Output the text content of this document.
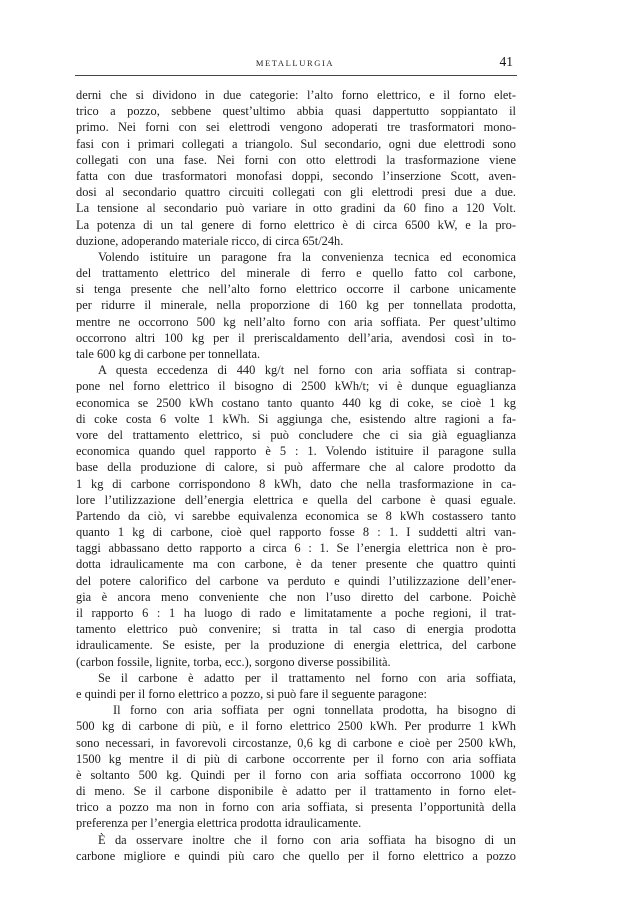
METALLURGIA	41
derni che si dividono in due categorie: l’alto forno elettrico, e il forno elet-
trico a pozzo, sebbene quest’ultimo abbia quasi dappertutto soppiantato il
primo. Nei forni con sei elettrodi vengono adoperati tre trasformatori mono-
fasi con i primari collegati a triangolo. Sul secondario, ogni due elettrodi sono
collegati con una fase. Nei forni con otto elettrodi la trasformazione viene
fatta con due trasformatori monofasi doppi, secondo l’inserzione Scott, aven-
dosi al secondario quattro circuiti collegati con gli elettrodi presi due a due.
La tensione al secondario può variare in otto gradini da 60 fino a 120 Volt.
La potenza di un tal genere di forno elettrico è di circa 6500 kW, e la pro-
duzione, adoperando materiale ricco, di circa 65t/24h.
Volendo istituire un paragone fra la convenienza tecnica ed economica
del trattamento elettrico del minerale di ferro e quello fatto col carbone,
si tenga presente che nell’alto forno elettrico occorre il carbone unicamente
per ridurre il minerale, nella proporzione di 160 kg per tonnellata prodotta,
mentre ne occorrono 500 kg nell’alto forno con aria soffiata. Per quest’ultimo
occorrono altri 100 kg per il preriscaldamento dell’aria, avendosi così in to-
tale 600 kg di carbone per tonnellata.
A questa eccedenza di 440 kg/t nel forno con aria soffiata si contrap-
pone nel forno elettrico il bisogno di 2500 kWh/t; vi è dunque eguaglianza
economica se 2500 kWh costano tanto quanto 440 kg di coke, se cioè 1 kg
di coke costa 6 volte 1 kWh. Si aggiunga che, esistendo altre ragioni a fa-
vore del trattamento elettrico, si può concludere che ci sia già eguaglianza
economica quando quel rapporto è 5 : 1. Volendo istituire il paragone sulla
base della produzione di calore, si può affermare che al calore prodotto da
1 kg di carbone corrispondono 8 kWh, dato che nella trasformazione in ca-
lore l’utilizzazione dell’energia elettrica e quella del carbone è quasi eguale.
Partendo da ciò, vi sarebbe equivalenza economica se 8 kWh costassero tanto
quanto 1 kg di carbone, cioè quel rapporto fosse 8 : 1. I suddetti altri van-
taggi abbassano detto rapporto a circa 6 : 1. Se l’energia elettrica non è pro-
dotta idraulicamente ma con carbone, è da tener presente che quattro quinti
del potere calorifico del carbone va perduto e quindi l’utilizzazione dell’ener-
gia è ancora meno conveniente che non l’uso diretto del carbone. Poichè
il rapporto 6 : 1 ha luogo di rado e limitatamente a poche regioni, il trat-
tamento elettrico può convenire; si tratta in tal caso di energia prodotta
idraulicamente. Se esiste, per la produzione di energia elettrica, del carbone
(carbon fossile, lignite, torba, ecc.), sorgono diverse possibilità.
Se il carbone è adatto per il trattamento nel forno con aria soffiata,
e quindi per il forno elettrico a pozzo, si può fare il seguente paragone:
Il forno con aria soffiata per ogni tonnellata prodotta, ha bisogno di
500 kg di carbone di più, e il forno elettrico 2500 kWh. Per produrre 1 kWh
sono necessari, in favorevoli circostanze, 0,6 kg di carbone e cioè per 2500 kWh,
1500 kg mentre il di più di carbone occorrente per il forno con aria soffiata
è soltanto 500 kg. Quindi per il forno con aria soffiata occorrono 1000 kg
di meno. Se il carbone disponibile è adatto per il trattamento in forno elet-
trico a pozzo ma non in forno con aria soffiata, si presenta l’opportunità della
preferenza per l’energia elettrica prodotta idraulicamente.
È da osservare inoltre che il forno con aria soffiata ha bisogno di un
carbone migliore e quindi più caro che quello per il forno elettrico a pozzo
